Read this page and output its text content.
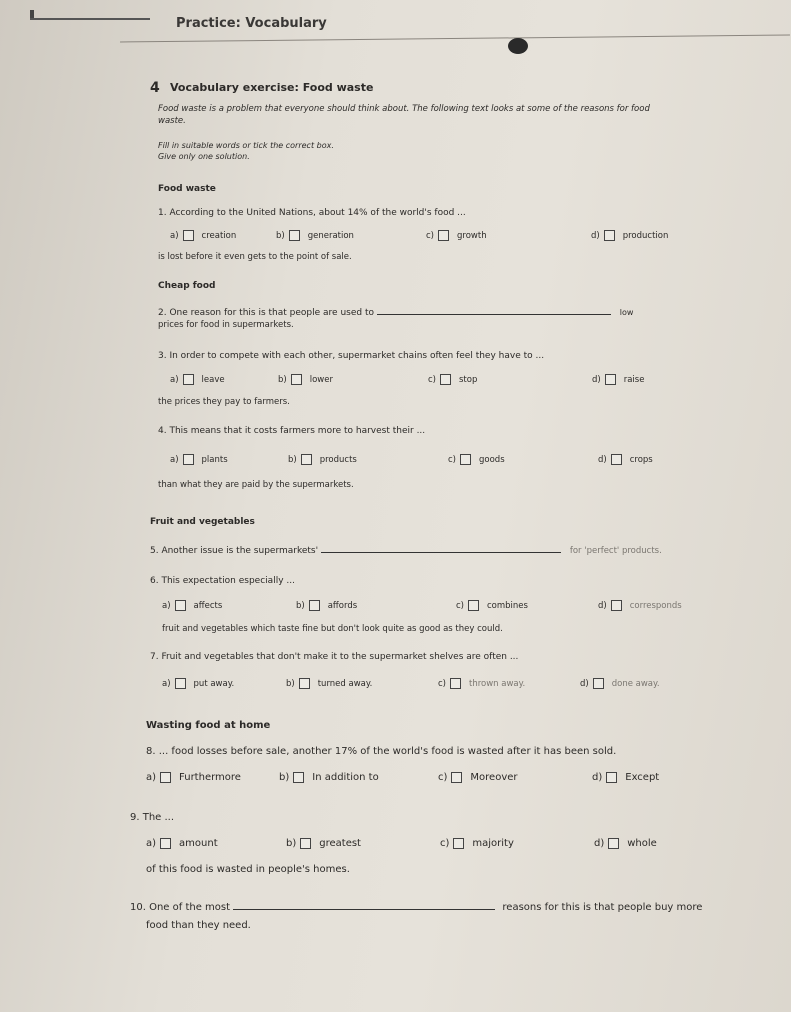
Practice: Vocabulary
4 Vocabulary exercise: Food waste
Food waste is a problem that everyone should think about. The following text looks at some of the reasons for food waste.
Fill in suitable words or tick the correct box.
Give only one solution.
Food waste
1. According to the United Nations, about 14% of the world's food ...
a)	creation	b)	generation	c)	growth	d)	production
is lost before it even gets to the point of sale.
Cheap food
2. One reason for this is that people are used to	low
prices for food in supermarkets.
3. In order to compete with each other, supermarket chains often feel they have to ...
a)	leave	b)	lower	c)	stop	d)	raise
the prices they pay to farmers.
4. This means that it costs farmers more to harvest their ...
a)	plants	b)	products	c)	goods	d)	crops
than what they are paid by the supermarkets.
Fruit and vegetables
5. Another issue is the supermarkets'	for 'perfect' products.
6. This expectation especially ...
a)	affects	b)	affords	c)	combines	d)	corresponds
fruit and vegetables which taste fine but don't look quite as good as they could.
7. Fruit and vegetables that don't make it to the supermarket shelves are often ...
a)	put away.	b)	turned away.	c)	thrown away.	d)	done away.
Wasting food at home
8. ... food losses before sale, another 17% of the world's food is wasted after it has been sold.
a) Furthermore	b) In addition to	c) Moreover	d) Except
9. The ...
a) amount	b) greatest	c) majority	d) whole
of this food is wasted in people's homes.
10. One of the most	reasons for this is that people buy more
food than they need.
